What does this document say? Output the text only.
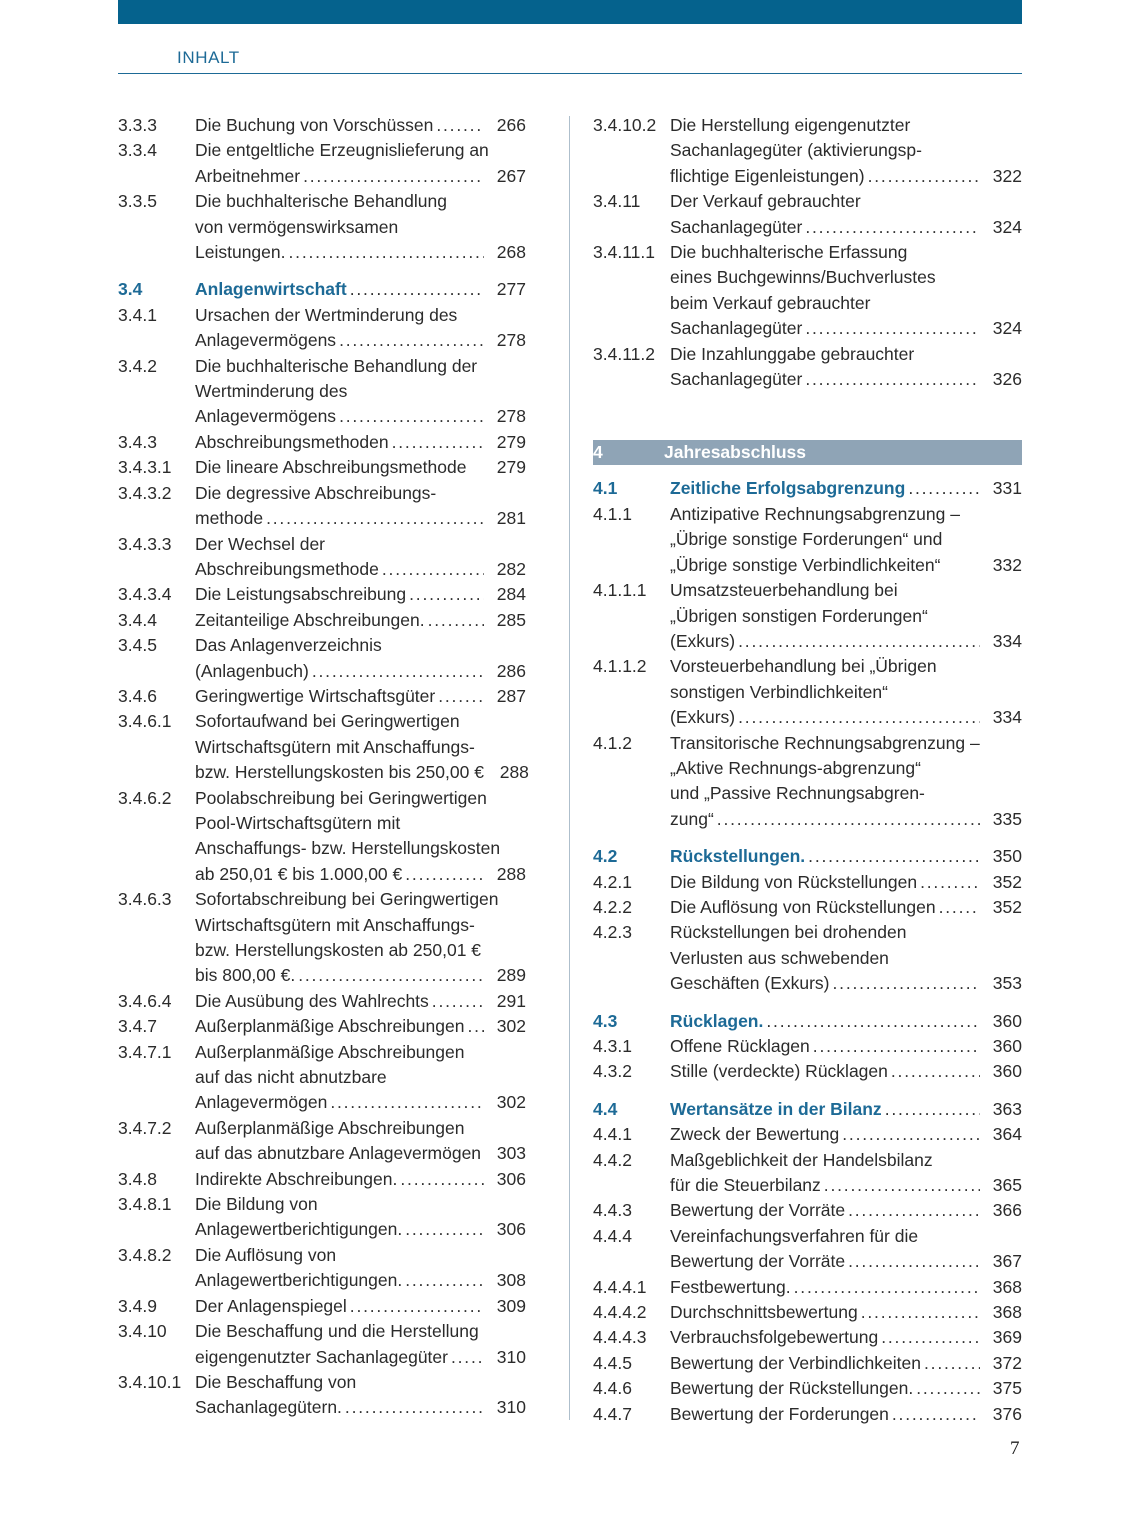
INHALT
3.3.3	Die Buchung von Vorschüssen .....	266
3.3.4	Die entgeltliche Erzeugnislieferung an
Arbeitnehmer .....	267
3.3.5	Die buchhalterische Behandlung
von vermögenswirksamen
Leistungen. .....	268
3.4	Anlagenwirtschaft .....	277
3.4.1	Ursachen der Wertminderung des
Anlagevermögens .....	278
3.4.2	Die buchhalterische Behandlung der
Wertminderung des
Anlagevermögens .....	278
3.4.3	Abschreibungsmethoden .....	279
3.4.3.1	Die lineare Abschreibungsmethode	279
3.4.3.2	Die degressive Abschreibungs-
methode .....	281
3.4.3.3	Der Wechsel der
Abschreibungsmethode .....	282
3.4.3.4	Die Leistungsabschreibung .....	284
3.4.4	Zeitanteilige Abschreibungen. .....	285
3.4.5	Das Anlagenverzeichnis
(Anlagenbuch) .....	286
3.4.6	Geringwertige Wirtschaftsgüter .....	287
3.4.6.1	Sofortaufwand bei Geringwertigen
Wirtschaftsgütern mit Anschaffungs-
bzw. Herstellungskosten bis 250,00 € 288
3.4.6.2	Poolabschreibung bei Geringwertigen
Pool-Wirtschaftsgütern mit
Anschaffungs- bzw. Herstellungskosten
ab 250,01 € bis 1.000,00 € .....	288
3.4.6.3	Sofortabschreibung bei Geringwertigen
Wirtschaftsgütern mit Anschaffungs-
bzw. Herstellungskosten ab 250,01 €
bis 800,00 €. .....	289
3.4.6.4	Die Ausübung des Wahlrechts .....	291
3.4.7	Außerplanmäßige Abschreibungen .....	302
3.4.7.1	Außerplanmäßige Abschreibungen
auf das nicht abnutzbare
Anlagevermögen .....	302
3.4.7.2	Außerplanmäßige Abschreibungen
auf das abnutzbare Anlagevermögen 303
3.4.8	Indirekte Abschreibungen. .....	306
3.4.8.1	Die Bildung von
Anlagewertberichtigungen. .....	306
3.4.8.2	Die Auflösung von
Anlagewertberichtigungen. .....	308
3.4.9	Der Anlagenspiegel .....	309
3.4.10	Die Beschaffung und die Herstellung
eigengenutzter Sachanlagegüter .....	310
3.4.10.1 Die Beschaffung von
Sachanlagegütern. .....	310
3.4.10.2 Die Herstellung eigengenutzter
Sachanlagegüter (aktivierungsp-
flichtige Eigenleistungen) .....	322
3.4.11	Der Verkauf gebrauchter
Sachanlagegüter .....	324
3.4.11.1 Die buchhalterische Erfassung
eines Buchgewinns/Buchverlustes
beim Verkauf gebrauchter
Sachanlagegüter .....	324
3.4.11.2 Die Inzahlunggabe gebrauchter
Sachanlagegüter .....	326
4	Jahresabschluss
4.1	Zeitliche Erfolgsabgrenzung .....	331
4.1.1	Antizipative Rechnungsabgrenzung –
„Übrige sonstige Forderungen“ und
„Übrige sonstige Verbindlichkeiten“	332
4.1.1.1	Umsatzsteuerbehandlung bei
„Übrigen sonstigen Forderungen“
(Exkurs) .....	334
4.1.1.2	Vorsteuerbehandlung bei „Übrigen
sonstigen Verbindlichkeiten“
(Exkurs) .....	334
4.1.2	Transitorische Rechnungsabgrenzung –
„Aktive Rechnungs-abgrenzung“
und „Passive Rechnungsabgren-
zung“ .....	335
4.2	Rückstellungen. .....	350
4.2.1	Die Bildung von Rückstellungen .....	352
4.2.2	Die Auflösung von Rückstellungen .....	352
4.2.3	Rückstellungen bei drohenden
Verlusten aus schwebenden
Geschäften (Exkurs) .....	353
4.3	Rücklagen. .....	360
4.3.1	Offene Rücklagen .....	360
4.3.2	Stille (verdeckte) Rücklagen .....	360
4.4	Wertansätze in der Bilanz .....	363
4.4.1	Zweck der Bewertung .....	364
4.4.2	Maßgeblichkeit der Handelsbilanz
für die Steuerbilanz .....	365
4.4.3	Bewertung der Vorräte .....	366
4.4.4	Vereinfachungsverfahren für die
Bewertung der Vorräte .....	367
4.4.4.1	Festbewertung. .....	368
4.4.4.2	Durchschnittsbewertung .....	368
4.4.4.3	Verbrauchsfolgebewertung .....	369
4.4.5	Bewertung der Verbindlichkeiten .....	372
4.4.6	Bewertung der Rückstellungen. .....	375
4.4.7	Bewertung der Forderungen .....	376
7
